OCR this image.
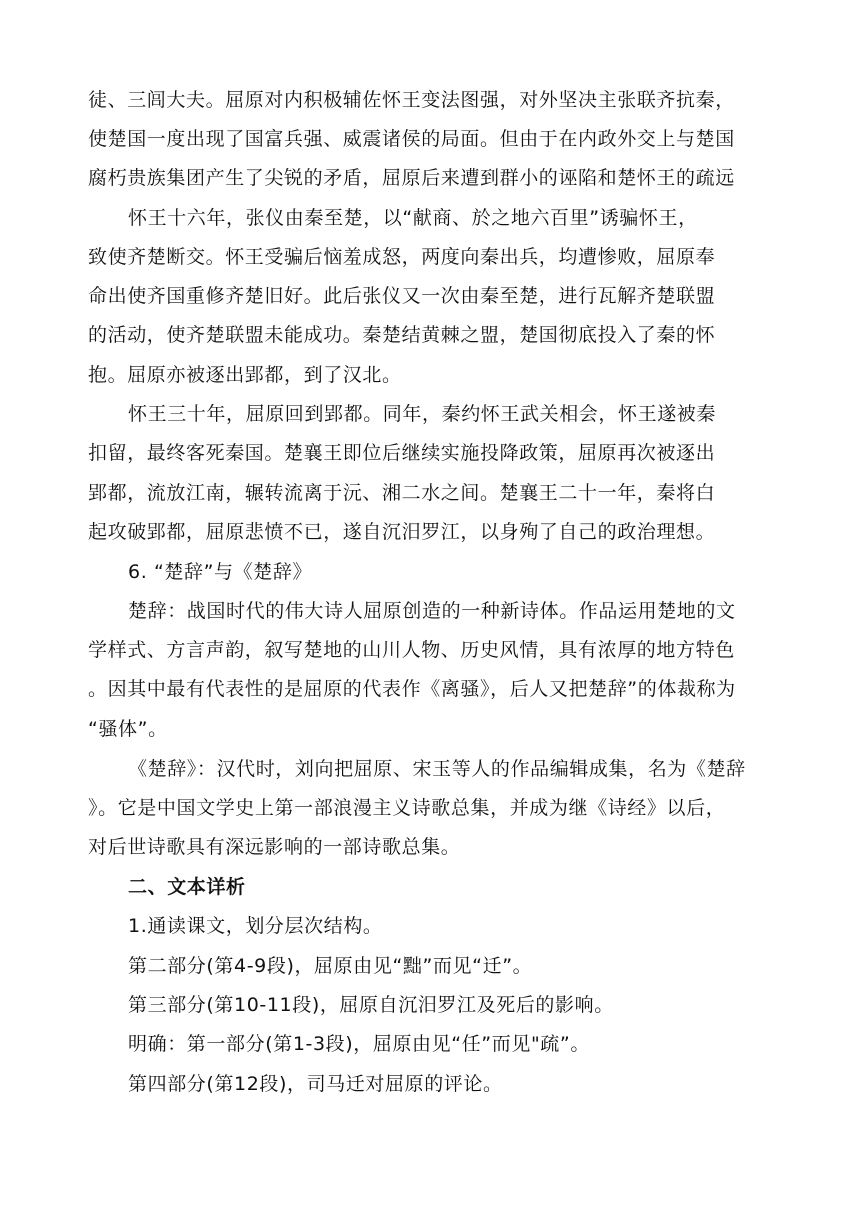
徒、三闾大夫。屈原对内积极辅佐怀王变法图强，对外坚决主张联齐抗秦，
使楚国一度出现了国富兵强、威震诸侯的局面。但由于在内政外交上与楚国
腐朽贵族集团产生了尖锐的矛盾，屈原后来遭到群小的诬陷和楚怀王的疏远
怀王十六年，张仪由秦至楚，以“献商、於之地六百里”诱骗怀王，
致使齐楚断交。怀王受骗后恼羞成怒，两度向秦出兵，均遭惨败，屈原奉
命出使齐国重修齐楚旧好。此后张仪又一次由秦至楚，进行瓦解齐楚联盟
的活动，使齐楚联盟未能成功。秦楚结黄棘之盟，楚国彻底投入了秦的怀
抱。屈原亦被逐出郢都，到了汉北。
怀王三十年，屈原回到郢都。同年，秦约怀王武关相会，怀王遂被秦
扣留，最终客死秦国。楚襄王即位后继续实施投降政策，屈原再次被逐出
郢都，流放江南，辗转流离于沅、湘二水之间。楚襄王二十一年，秦将白
起攻破郢都，屈原悲愤不已，遂自沉汨罗江，以身殉了自己的政治理想。
6. “楚辞”与《楚辞》
楚辞：战国时代的伟大诗人屈原创造的一种新诗体。作品运用楚地的文
学样式、方言声韵，叙写楚地的山川人物、历史风情，具有浓厚的地方特色
。因其中最有代表性的是屈原的代表作《离骚》，后人又把楚辞”的体裁称为
“骚体”。
《楚辞》：汉代时，刘向把屈原、宋玉等人的作品编辑成集，名为《楚辞
》。它是中国文学史上第一部浪漫主义诗歌总集，并成为继《诗经》以后，
对后世诗歌具有深远影响的一部诗歌总集。
二、文本详析
1.通读课文，划分层次结构。
第二部分(第4-9段)，屈原由见“黜”而见“迁”。
第三部分(第10-11段)，屈原自沉汨罗江及死后的影响。
明确：第一部分(第1-3段)，屈原由见“任”而见"疏”。
第四部分(第12段)，司马迁对屈原的评论。
